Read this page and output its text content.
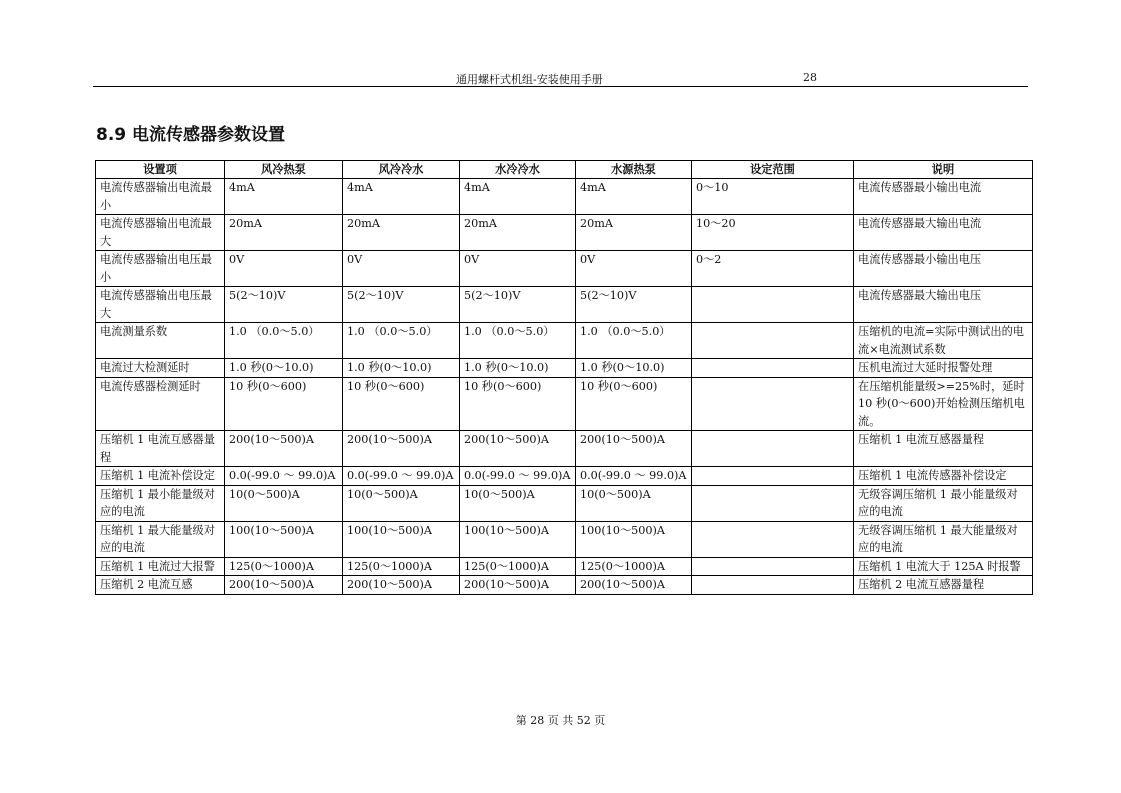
通用螺杆式机组-安装使用手册	28
8.9 电流传感器参数设置
设置项	风冷热泵	风冷冷水	水冷冷水	水源热泵	设定范围	说明
电流传感器输出电流最小	4mA	4mA	4mA	4mA	0～10	电流传感器最小输出电流
电流传感器输出电流最大	20mA	20mA	20mA	20mA	10～20	电流传感器最大输出电流
电流传感器输出电压最小	0V	0V	0V	0V	0～2	电流传感器最小输出电压
电流传感器输出电压最大	5(2～10)V	5(2～10)V	5(2～10)V	5(2～10)V		电流传感器最大输出电压
电流测量系数	1.0 （0.0～5.0）	1.0 （0.0～5.0）	1.0 （0.0～5.0）	1.0 （0.0～5.0）		压缩机的电流=实际中测试出的电流×电流测试系数
电流过大检测延时	1.0 秒(0～10.0)	1.0 秒(0～10.0)	1.0 秒(0～10.0)	1.0 秒(0～10.0)		压机电流过大延时报警处理
电流传感器检测延时	10 秒(0～600)	10 秒(0～600)	10 秒(0～600)	10 秒(0～600)		在压缩机能量级>=25%时，延时 10 秒(0～600)开始检测压缩机电流。
压缩机 1 电流互感器量程	200(10～500)A	200(10～500)A	200(10～500)A	200(10～500)A		压缩机 1 电流互感器量程
压缩机 1 电流补偿设定	0.0(-99.0 ～ 99.0)A	0.0(-99.0 ～ 99.0)A	0.0(-99.0 ～ 99.0)A	0.0(-99.0 ～ 99.0)A		压缩机 1 电流传感器补偿设定
压缩机 1 最小能量级对应的电流	10(0～500)A	10(0～500)A	10(0～500)A	10(0～500)A		无级容调压缩机 1 最小能量级对应的电流
压缩机 1 最大能量级对应的电流	100(10～500)A	100(10～500)A	100(10～500)A	100(10～500)A		无级容调压缩机 1 最大能量级对应的电流
压缩机 1 电流过大报警	125(0～1000)A	125(0～1000)A	125(0～1000)A	125(0～1000)A		压缩机 1 电流大于 125A 时报警
压缩机 2 电流互感	200(10～500)A	200(10～500)A	200(10～500)A	200(10～500)A		压缩机 2 电流互感器量程
第 28 页 共 52 页
